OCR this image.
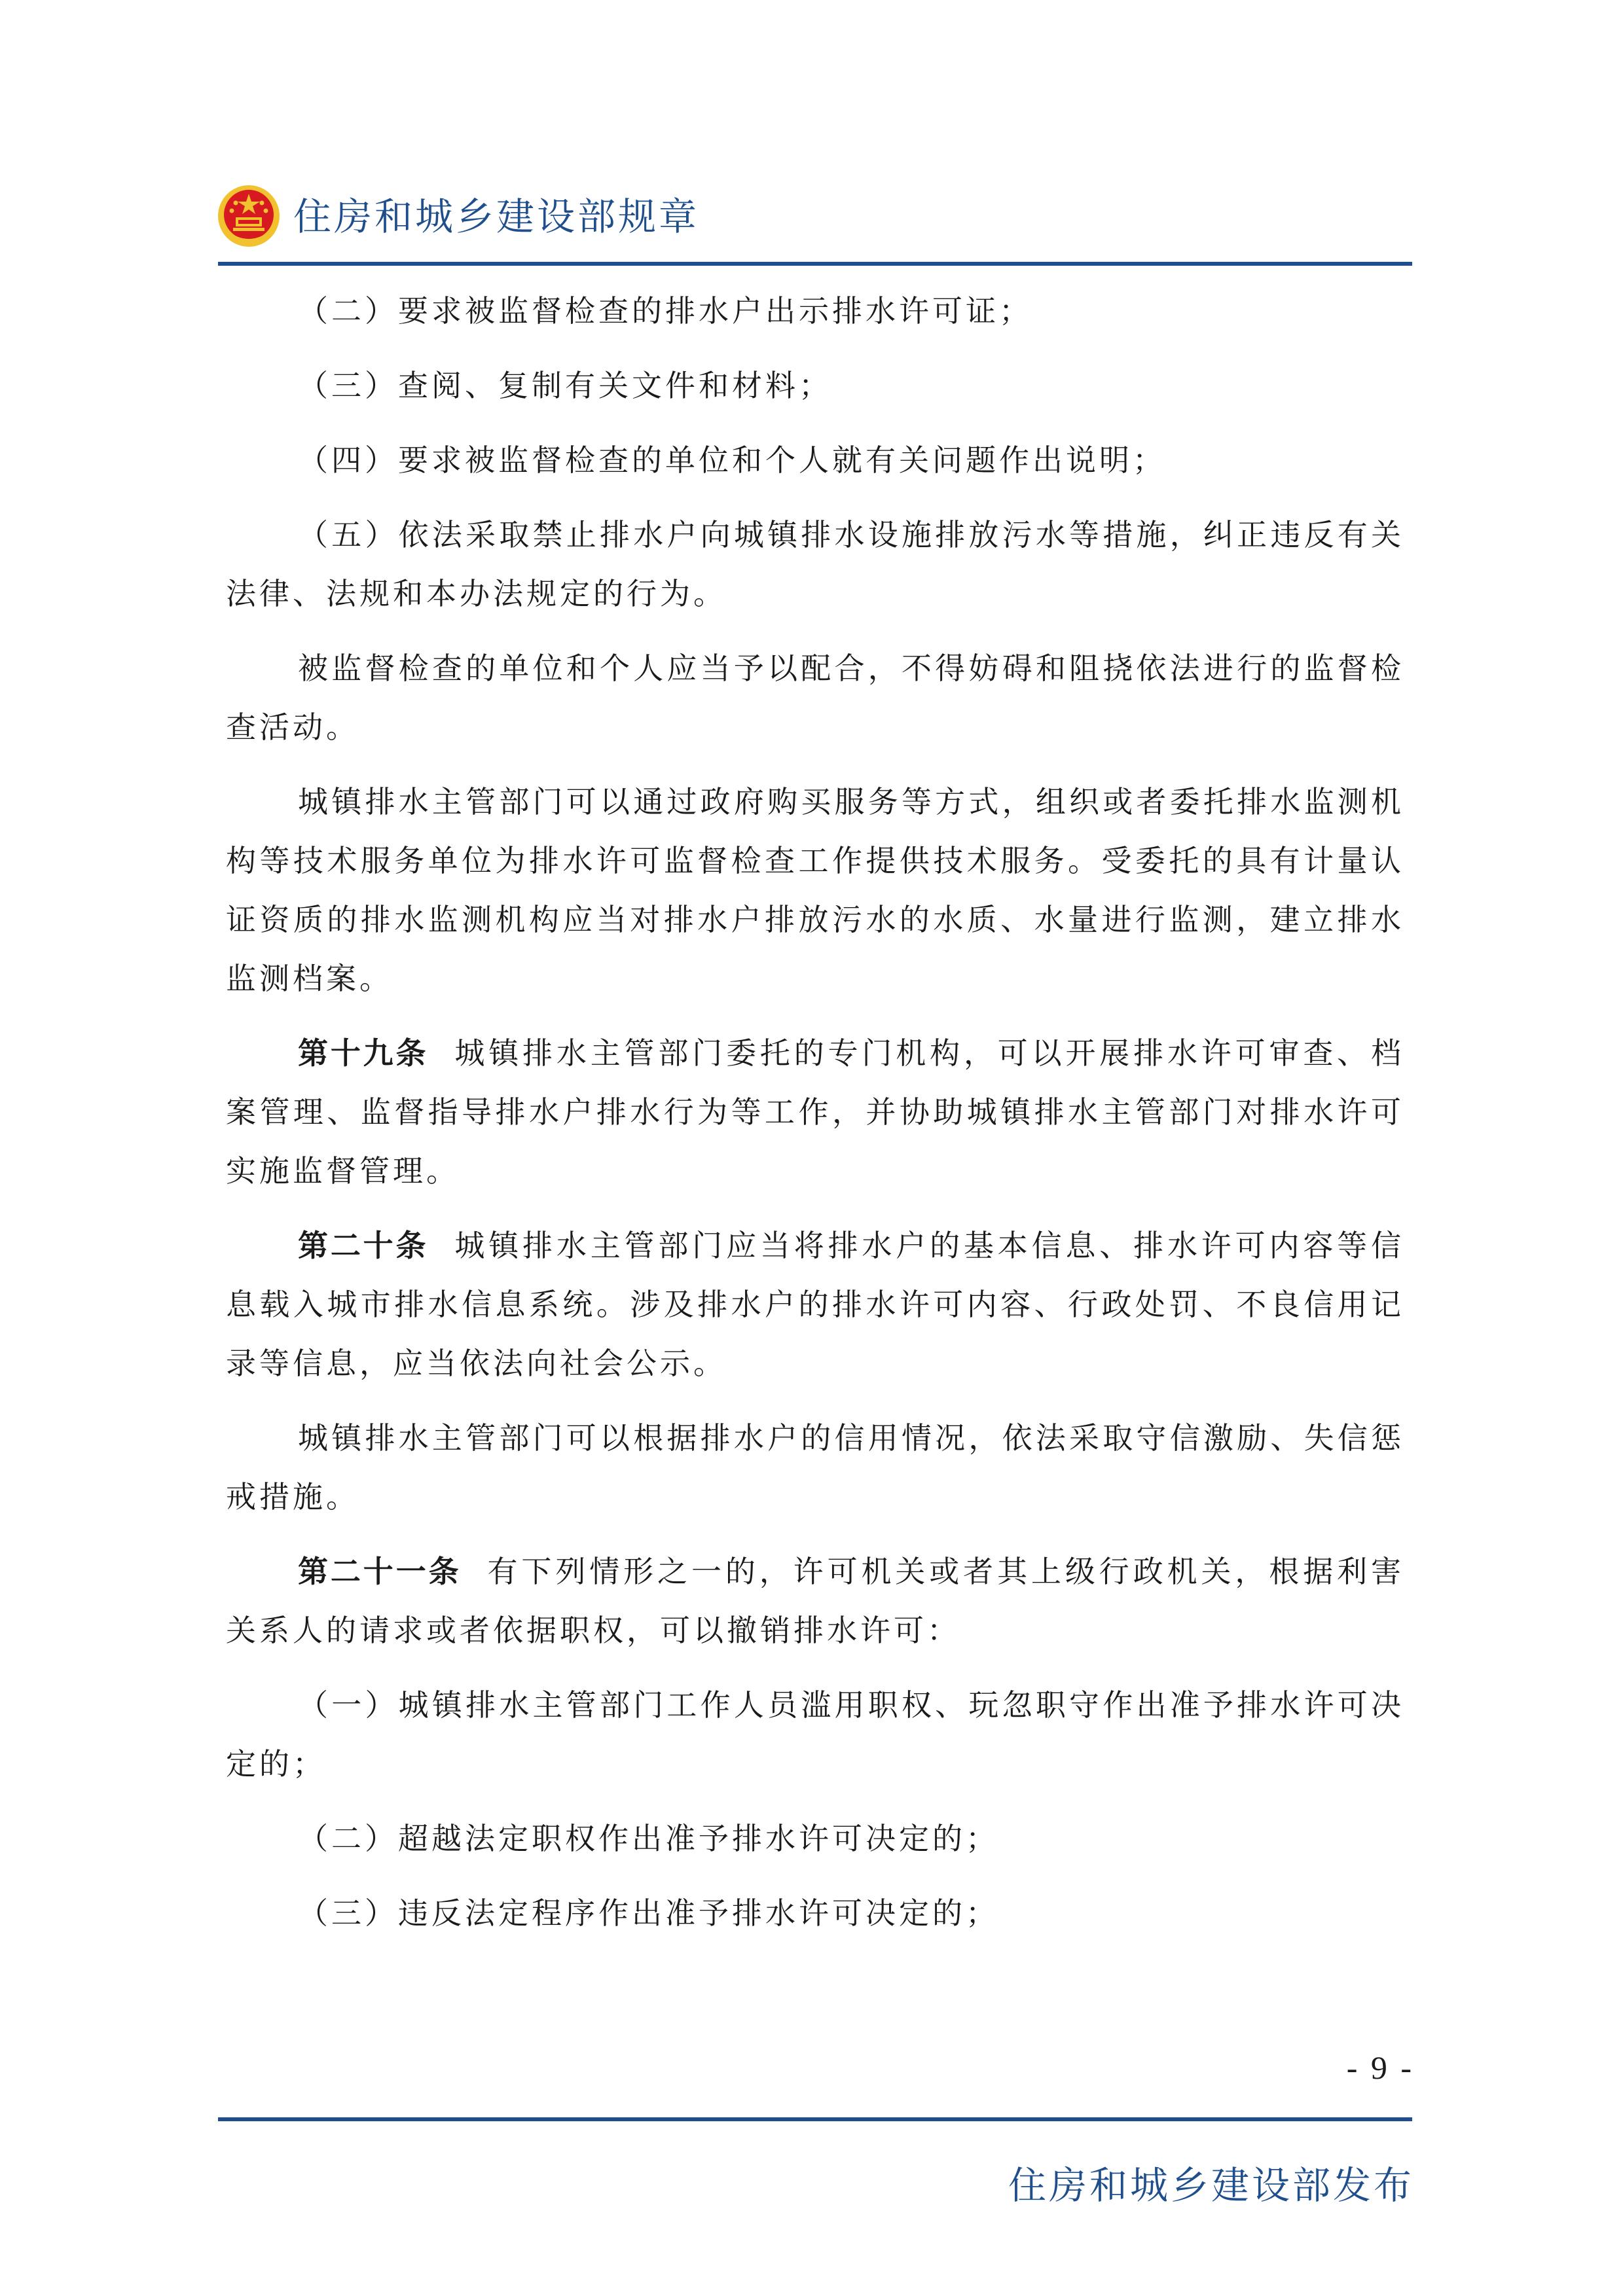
住房和城乡建设部规章

（二）要求被监督检查的排水户出示排水许可证；

（三）查阅、复制有关文件和材料；

（四）要求被监督检查的单位和个人就有关问题作出说明；

（五）依法采取禁止排水户向城镇排水设施排放污水等措施，纠正违反有关法律、法规和本办法规定的行为。

被监督检查的单位和个人应当予以配合，不得妨碍和阻挠依法进行的监督检查活动。

城镇排水主管部门可以通过政府购买服务等方式，组织或者委托排水监测机构等技术服务单位为排水许可监督检查工作提供技术服务。受委托的具有计量认证资质的排水监测机构应当对排水户排放污水的水质、水量进行监测，建立排水监测档案。

第十九条 城镇排水主管部门委托的专门机构，可以开展排水许可审查、档案管理、监督指导排水户排水行为等工作，并协助城镇排水主管部门对排水许可实施监督管理。

第二十条 城镇排水主管部门应当将排水户的基本信息、排水许可内容等信息载入城市排水信息系统。涉及排水户的排水许可内容、行政处罚、不良信用记录等信息，应当依法向社会公示。

城镇排水主管部门可以根据排水户的信用情况，依法采取守信激励、失信惩戒措施。

第二十一条 有下列情形之一的，许可机关或者其上级行政机关，根据利害关系人的请求或者依据职权，可以撤销排水许可：

（一）城镇排水主管部门工作人员滥用职权、玩忽职守作出准予排水许可决定的；

（二）超越法定职权作出准予排水许可决定的；

（三）违反法定程序作出准予排水许可决定的；

- 9 -
住房和城乡建设部发布
